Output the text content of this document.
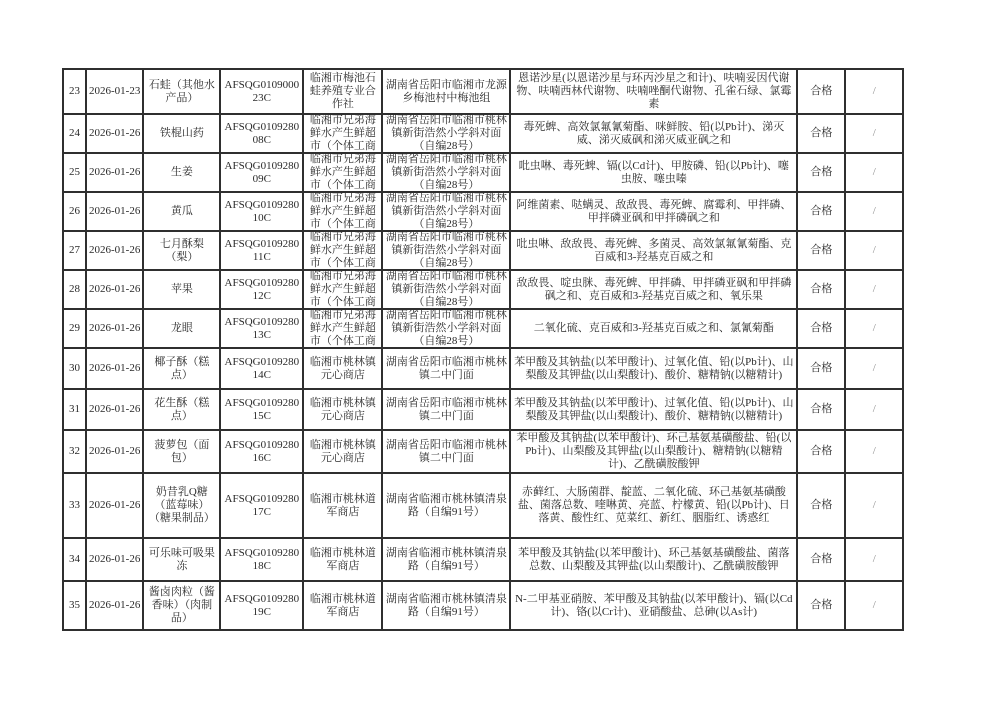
23	2026-01-23	石蛙（其他水产品）	AFSQG010900023C	临湘市梅池石蛙养殖专业合作社	湖南省岳阳市临湘市龙源乡梅池村中梅池组	恩诺沙星(以恩诺沙星与环丙沙星之和计)、呋喃妥因代谢物、呋喃西林代谢物、呋喃唑酮代谢物、孔雀石绿、氯霉素	合格	/

24	2026-01-26	铁棍山药	AFSQG010928008C	临湘市兄弟海鲜水产生鲜超市（个体工商	湖南省岳阳市临湘市桃林镇新街浩然小学斜对面（自编28号）	毒死蜱、高效氯氟氰菊酯、咪鲜胺、铅(以Pb计)、涕灭威、涕灭威砜和涕灭威亚砜之和	合格	/

25	2026-01-26	生姜	AFSQG010928009C	临湘市兄弟海鲜水产生鲜超市（个体工商	湖南省岳阳市临湘市桃林镇新街浩然小学斜对面（自编28号）	吡虫啉、毒死蜱、镉(以Cd计)、甲胺磷、铅(以Pb计)、噻虫胺、噻虫嗪	合格	/

26	2026-01-26	黄瓜	AFSQG010928010C	临湘市兄弟海鲜水产生鲜超市（个体工商	湖南省岳阳市临湘市桃林镇新街浩然小学斜对面（自编28号）	阿维菌素、哒螨灵、敌敌畏、毒死蜱、腐霉利、甲拌磷、甲拌磷亚砜和甲拌磷砜之和	合格	/

27	2026-01-26	七月酥梨（梨）	AFSQG010928011C	临湘市兄弟海鲜水产生鲜超市（个体工商	湖南省岳阳市临湘市桃林镇新街浩然小学斜对面（自编28号）	吡虫啉、敌敌畏、毒死蜱、多菌灵、高效氯氟氰菊酯、克百威和3-羟基克百威之和	合格	/

28	2026-01-26	苹果	AFSQG010928012C	临湘市兄弟海鲜水产生鲜超市（个体工商	湖南省岳阳市临湘市桃林镇新街浩然小学斜对面（自编28号）	敌敌畏、啶虫脒、毒死蜱、甲拌磷、甲拌磷亚砜和甲拌磷砜之和、克百威和3-羟基克百威之和、氧乐果	合格	/

29	2026-01-26	龙眼	AFSQG010928013C	临湘市兄弟海鲜水产生鲜超市（个体工商	湖南省岳阳市临湘市桃林镇新街浩然小学斜对面（自编28号）	二氧化硫、克百威和3-羟基克百威之和、氯氰菊酯	合格	/

30	2026-01-26	椰子酥（糕点）	AFSQG010928014C	临湘市桃林镇元心商店	湖南省岳阳市临湘市桃林镇二中门面	苯甲酸及其钠盐(以苯甲酸计)、过氧化值、铅(以Pb计)、山梨酸及其钾盐(以山梨酸计)、酸价、糖精钠(以糖精计)	合格	/

31	2026-01-26	花生酥（糕点）	AFSQG010928015C	临湘市桃林镇元心商店	湖南省岳阳市临湘市桃林镇二中门面	苯甲酸及其钠盐(以苯甲酸计)、过氧化值、铅(以Pb计)、山梨酸及其钾盐(以山梨酸计)、酸价、糖精钠(以糖精计)	合格	/

32	2026-01-26	菠萝包（面包）	AFSQG010928016C	临湘市桃林镇元心商店	湖南省岳阳市临湘市桃林镇二中门面	苯甲酸及其钠盐(以苯甲酸计)、环己基氨基磺酸盐、铅(以Pb计)、山梨酸及其钾盐(以山梨酸计)、糖精钠(以糖精计)、乙酰磺胺酸钾	合格	/

33	2026-01-26	奶昔乳Q糖（蓝莓味）（糖果制品）	AFSQG010928017C	临湘市桃林道军商店	湖南省临湘市桃林镇清泉路（自编91号）	赤藓红、大肠菌群、靛蓝、二氧化硫、环己基氨基磺酸盐、菌落总数、喹啉黄、亮蓝、柠檬黄、铅(以Pb计)、日落黄、酸性红、苋菜红、新红、胭脂红、诱惑红	合格	/

34	2026-01-26	可乐味可吸果冻	AFSQG010928018C	临湘市桃林道军商店	湖南省临湘市桃林镇清泉路（自编91号）	苯甲酸及其钠盐(以苯甲酸计)、环己基氨基磺酸盐、菌落总数、山梨酸及其钾盐(以山梨酸计)、乙酰磺胺酸钾	合格	/

35	2026-01-26	酱卤肉粒（酱香味）（肉制品）	AFSQG010928019C	临湘市桃林道军商店	湖南省临湘市桃林镇清泉路（自编91号）	N-二甲基亚硝胺、苯甲酸及其钠盐(以苯甲酸计)、镉(以Cd计)、铬(以Cr计)、亚硝酸盐、总砷(以As计)	合格	/
